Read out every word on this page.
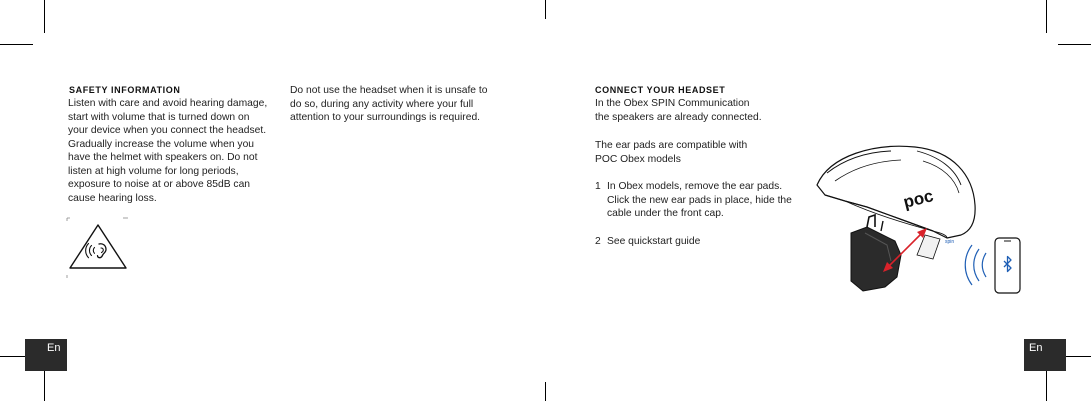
SAFETY INFORMATION
Listen with care and avoid hearing damage,
start with volume that is turned down on
your device when you connect the headset.
Gradually increase the volume when you
have the helmet with speakers on. Do not
listen at high volume for long periods,
exposure to noise at or above 85dB can
cause hearing loss.
Do not use the headset when it is unsafe to
do so, during any activity where your full
attention to your surroundings is required.
En
CONNECT YOUR HEADSET
In the Obex SPIN Communication
the speakers are already connected.
The ear pads are compatible with
POC Obex models
1 In Obex models, remove the ear pads.
Click the new ear pads in place, hide the
cable under the front cap.
2 See quickstart guide
poc
spin
En
